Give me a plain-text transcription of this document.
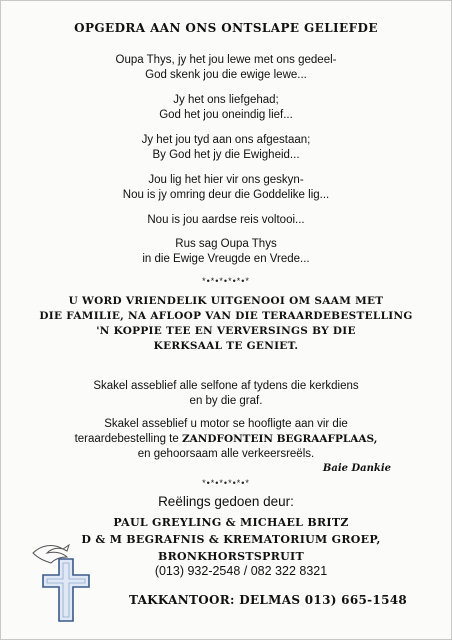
OPGEDRA AAN ONS ONTSLAPE GELIEFDE
Oupa Thys, jy het jou lewe met ons gedeel-
God skenk jou die ewige lewe...
Jy het ons liefgehad;
God het jou oneindig lief...
Jy het jou tyd aan ons afgestaan;
By God het jy die Ewigheid...
Jou lig het hier vir ons geskyn-
Nou is jy omring deur die Goddelike lig...
Nou is jou aardse reis voltooi...
Rus sag Oupa Thys
in die Ewige Vreugde en Vrede...
*•*•*•*•*•*
U WORD VRIENDELIK UITGENOOI OM SAAM MET
DIE FAMILIE, NA AFLOOP VAN DIE TERAARDEBESTELLING
'N KOPPIE TEE EN VERVERSINGS BY DIE
KERKSAAL TE GENIET.
Skakel asseblief alle selfone af tydens die kerkdiens
en by die graf.
Skakel asseblief u motor se hoofligte aan vir die
teraardebestelling te ZANDFONTEIN BEGRAAFPLAAS,
en gehoorsaam alle verkeersreëls.
Baie Dankie
*•*•*•*•*•*
Reëlings gedoen deur:
PAUL GREYLING & MICHAEL BRITZ
D & M BEGRAFNIS & KREMATORIUM GROEP,
BRONKHORSTSPRUIT
(013) 932-2548 / 082 322 8321
TAKKANTOOR: DELMAS 013) 665-1548
